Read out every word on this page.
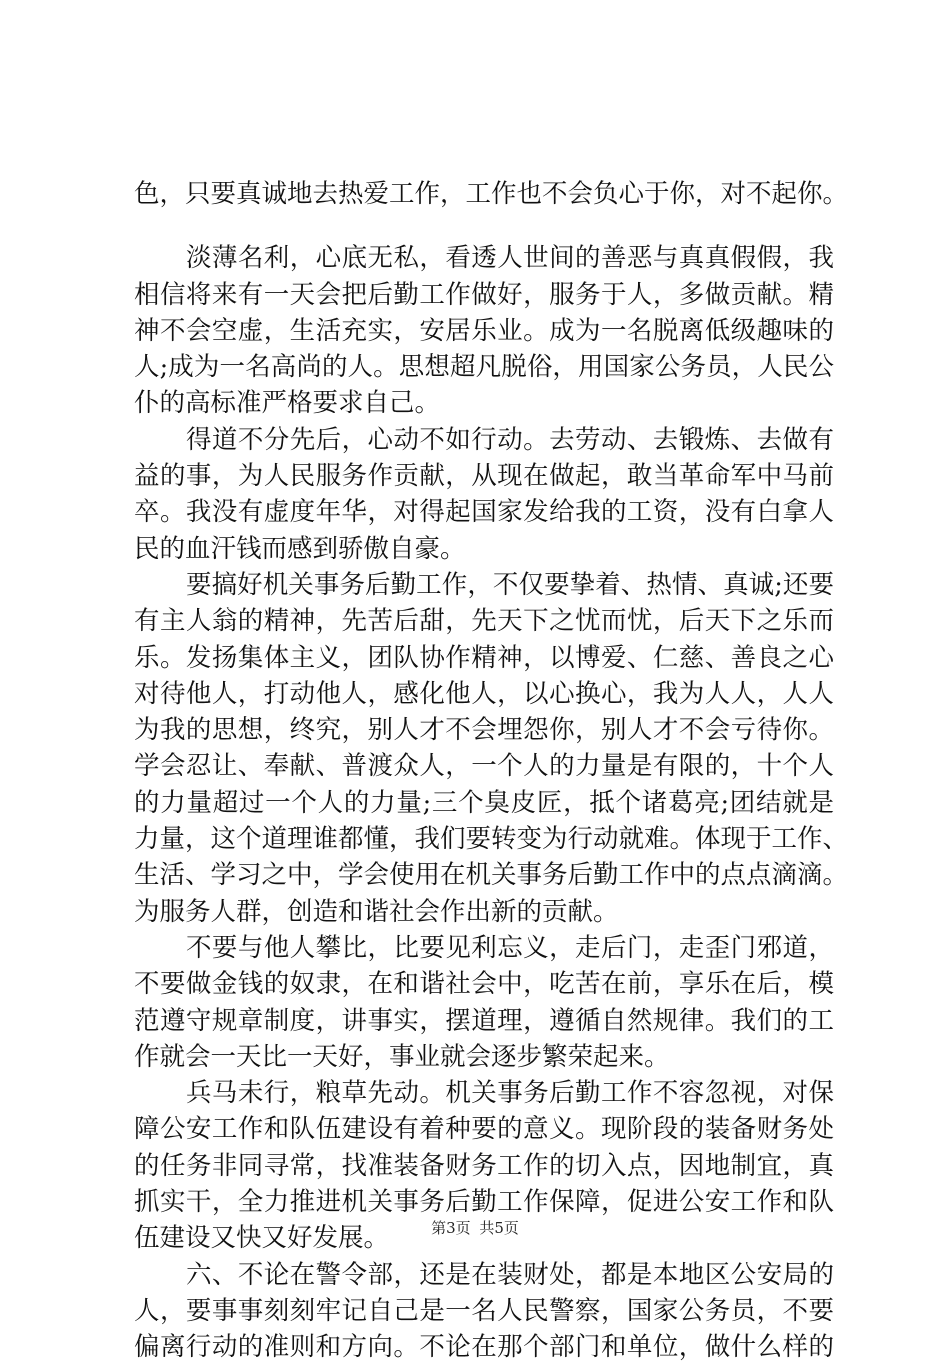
色，只要真诚地去热爱工作，工作也不会负心于你，对不起你。
淡薄名利，心底无私，看透人世间的善恶与真真假假，我
相信将来有一天会把后勤工作做好，服务于人，多做贡献。精
神不会空虚，生活充实，安居乐业。成为一名脱离低级趣味的
人;成为一名高尚的人。思想超凡脱俗，用国家公务员，人民公
仆的高标准严格要求自己。
得道不分先后，心动不如行动。去劳动、去锻炼、去做有
益的事，为人民服务作贡献，从现在做起，敢当革命军中马前
卒。我没有虚度年华，对得起国家发给我的工资，没有白拿人
民的血汗钱而感到骄傲自豪。
要搞好机关事务后勤工作，不仅要挚着、热情、真诚;还要
有主人翁的精神，先苦后甜，先天下之忧而忧，后天下之乐而
乐。发扬集体主义，团队协作精神，以博爱、仁慈、善良之心
对待他人，打动他人，感化他人，以心换心，我为人人，人人
为我的思想，终究，别人才不会埋怨你，别人才不会亏待你。
学会忍让、奉献、普渡众人，一个人的力量是有限的，十个人
的力量超过一个人的力量;三个臭皮匠，抵个诸葛亮;团结就是
力量，这个道理谁都懂，我们要转变为行动就难。体现于工作、
生活、学习之中，学会使用在机关事务后勤工作中的点点滴滴。
为服务人群，创造和谐社会作出新的贡献。
不要与他人攀比，比要见利忘义，走后门，走歪门邪道，
不要做金钱的奴隶，在和谐社会中，吃苦在前，享乐在后，模
范遵守规章制度，讲事实，摆道理，遵循自然规律。我们的工
作就会一天比一天好，事业就会逐步繁荣起来。
兵马未行，粮草先动。机关事务后勤工作不容忽视，对保
障公安工作和队伍建设有着种要的意义。现阶段的装备财务处
的任务非同寻常，找准装备财务工作的切入点，因地制宜，真
抓实干，全力推进机关事务后勤工作保障，促进公安工作和队
伍建设又快又好发展。
六、不论在警令部，还是在装财处，都是本地区公安局的
人，要事事刻刻牢记自己是一名人民警察，国家公务员，不要
偏离行动的准则和方向。不论在那个部门和单位，做什么样的
第3页 共5页
